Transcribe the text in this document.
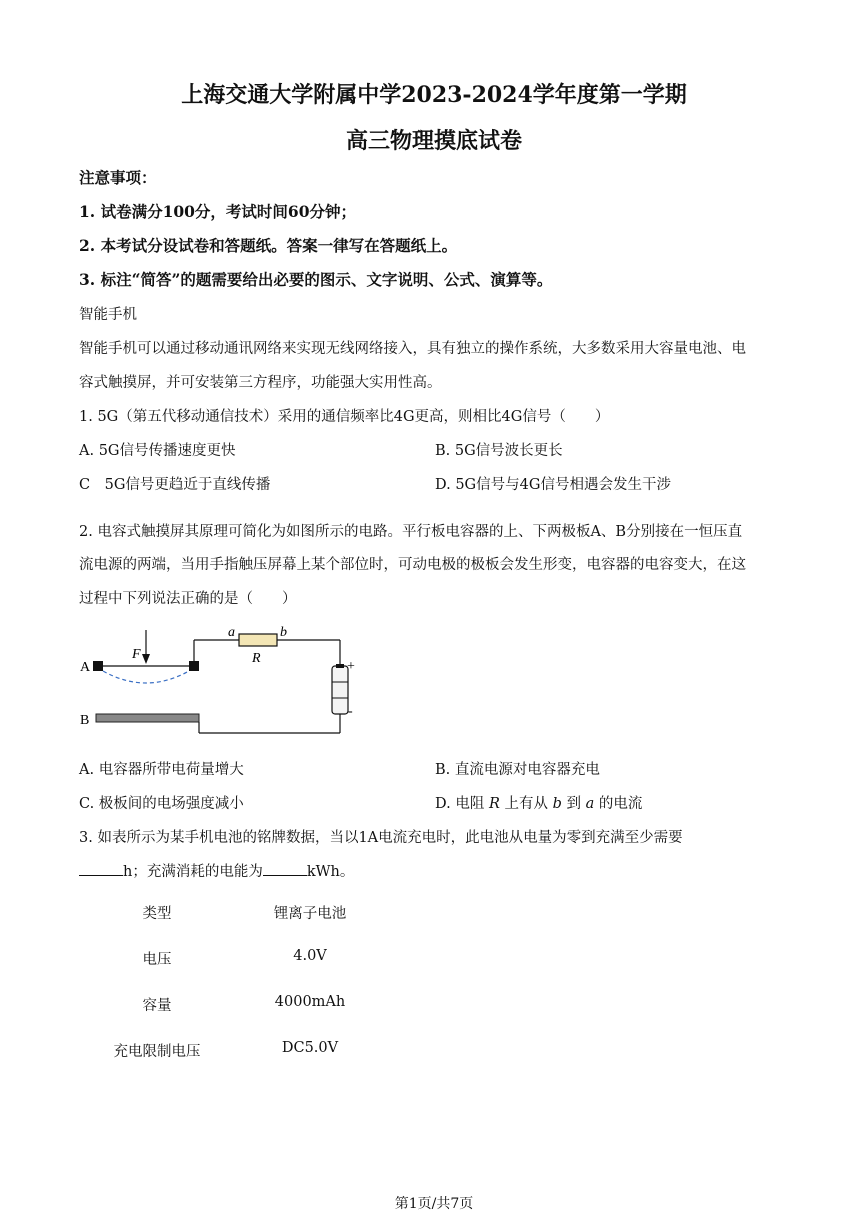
上海交通大学附属中学2023-2024学年度第一学期
高三物理摸底试卷
注意事项：
1. 试卷满分100分，考试时间60分钟；
2. 本考试分设试卷和答题纸。答案一律写在答题纸上。
3. 标注“简答”的题需要给出必要的图示、文字说明、公式、演算等。
智能手机
智能手机可以通过移动通讯网络来实现无线网络接入，具有独立的操作系统，大多数采用大容量电池、电
容式触摸屏，并可安装第三方程序，功能强大实用性高。
1. 5G（第五代移动通信技术）采用的通信频率比4G更高，则相比4G信号（　　）
A. 5G信号传播速度更快	B. 5G信号波长更长
C　5G信号更趋近于直线传播	D. 5G信号与4G信号相遇会发生干涉
2. 电容式触摸屏其原理可简化为如图所示的电路。平行板电容器的上、下两极板A、B分别接在一恒压直
流电源的两端，当用手指触压屏幕上某个部位时，可动电极的极板会发生形变，电容器的电容变大，在这
过程中下列说法正确的是（　　）
A
B
F
a	b
R
+
-
A. 电容器所带电荷量增大	B. 直流电源对电容器充电
C. 极板间的电场强度减小	D. 电阻 R 上有从 b 到 a 的电流
3. 如表所示为某手机电池的铭牌数据，当以1A电流充电时，此电池从电量为零到充满至少需要
h；充满消耗的电能为	kWh。
类型	锂离子电池
电压	4.0V
容量	4000mAh
充电限制电压	DC5.0V
第1页/共7页
